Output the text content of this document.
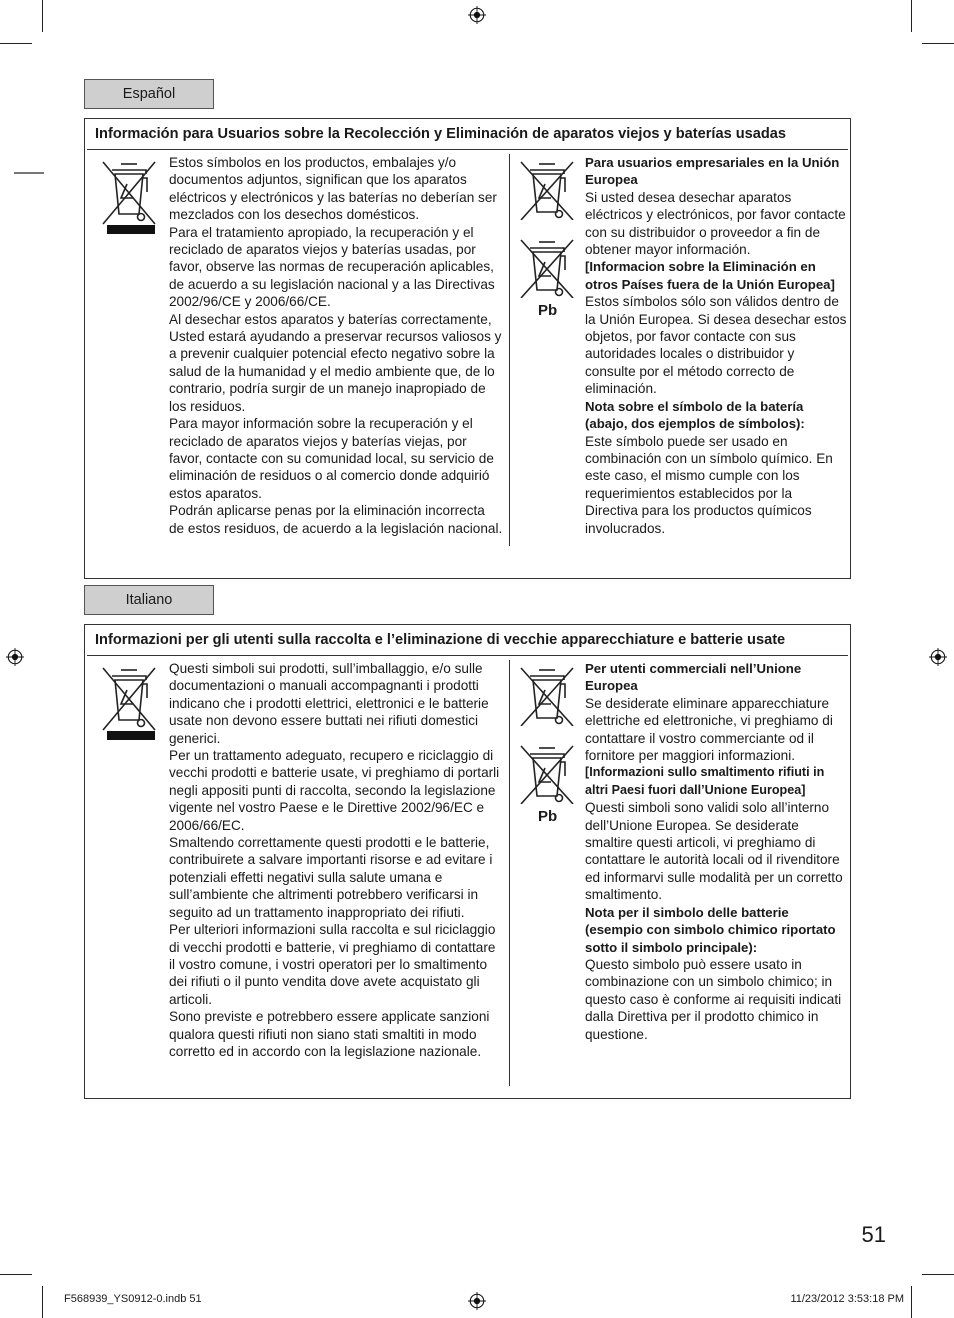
Español
Información para Usuarios sobre la Recolección y Eliminación de aparatos viejos y baterías usadas
Estos símbolos en los productos, embalajes y/o documentos adjuntos, significan que los aparatos eléctricos y electrónicos y las baterías no deberían ser mezclados con los desechos domésticos.
Para el tratamiento apropiado, la recuperación y el reciclado de aparatos viejos y baterías usadas, por favor, observe las normas de recuperación aplicables, de acuerdo a su legislación nacional y a las Directivas 2002/96/CE y 2006/66/CE.
Al desechar estos aparatos y baterías correctamente, Usted estará ayudando a preservar recursos valiosos y a prevenir cualquier potencial efecto negativo sobre la salud de la humanidad y el medio ambiente que, de lo contrario, podría surgir de un manejo inapropiado de los residuos.
Para mayor información sobre la recuperación y el reciclado de aparatos viejos y baterías viejas, por favor, contacte con su comunidad local, su servicio de eliminación de residuos o al comercio donde adquirió estos aparatos.
Podrán aplicarse penas por la eliminación incorrecta de estos residuos, de acuerdo a la legislación nacional.
Pb
Para usuarios empresariales en la Unión Europea
Si usted desea desechar aparatos eléctricos y electrónicos, por favor contacte con su distribuidor o proveedor a fin de obtener mayor información.
[Informacion sobre la Eliminación en otros Países fuera de la Unión Europea]
Estos símbolos sólo son válidos dentro de la Unión Europea. Si desea desechar estos objetos, por favor contacte con sus autoridades locales o distribuidor y consulte por el método correcto de eliminación.
Nota sobre el símbolo de la batería (abajo, dos ejemplos de símbolos):
Este símbolo puede ser usado en combinación con un símbolo químico. En este caso, el mismo cumple con los requerimientos establecidos por la Directiva para los productos químicos involucrados.
Italiano
Informazioni per gli utenti sulla raccolta e l’eliminazione di vecchie apparecchiature e batterie usate
Questi simboli sui prodotti, sull’imballaggio, e/o sulle documentazioni o manuali accompagnanti i prodotti indicano che i prodotti elettrici, elettronici e le batterie usate non devono essere buttati nei rifiuti domestici generici.
Per un trattamento adeguato, recupero e riciclaggio di vecchi prodotti e batterie usate, vi preghiamo di portarli negli appositi punti di raccolta, secondo la legislazione vigente nel vostro Paese e le Direttive 2002/96/EC e 2006/66/EC.
Smaltendo correttamente questi prodotti e le batterie, contribuirete a salvare importanti risorse e ad evitare i potenziali effetti negativi sulla salute umana e sull’ambiente che altrimenti potrebbero verificarsi in seguito ad un trattamento inappropriato dei rifiuti.
Per ulteriori informazioni sulla raccolta e sul riciclaggio di vecchi prodotti e batterie, vi preghiamo di contattare il vostro comune, i vostri operatori per lo smaltimento dei rifiuti o il punto vendita dove avete acquistato gli articoli.
Sono previste e potrebbero essere applicate sanzioni qualora questi rifiuti non siano stati smaltiti in modo corretto ed in accordo con la legislazione nazionale.
Pb
Per utenti commerciali nell’Unione Europea
Se desiderate eliminare apparecchiature elettriche ed elettroniche, vi preghiamo di contattare il vostro commerciante od il fornitore per maggiori informazioni.
[Informazioni sullo smaltimento rifiuti in altri Paesi fuori dall’Unione Europea]
Questi simboli sono validi solo all’interno dell’Unione Europea. Se desiderate smaltire questi articoli, vi preghiamo di contattare le autorità locali od il rivenditore ed informarvi sulle modalità per un corretto smaltimento.
Nota per il simbolo delle batterie (esempio con simbolo chimico riportato sotto il simbolo principale):
Questo simbolo può essere usato in combinazione con un simbolo chimico; in questo caso è conforme ai requisiti indicati dalla Direttiva per il prodotto chimico in questione.
51
F568939_YS0912-0.indb 51	11/23/2012 3:53:18 PM
